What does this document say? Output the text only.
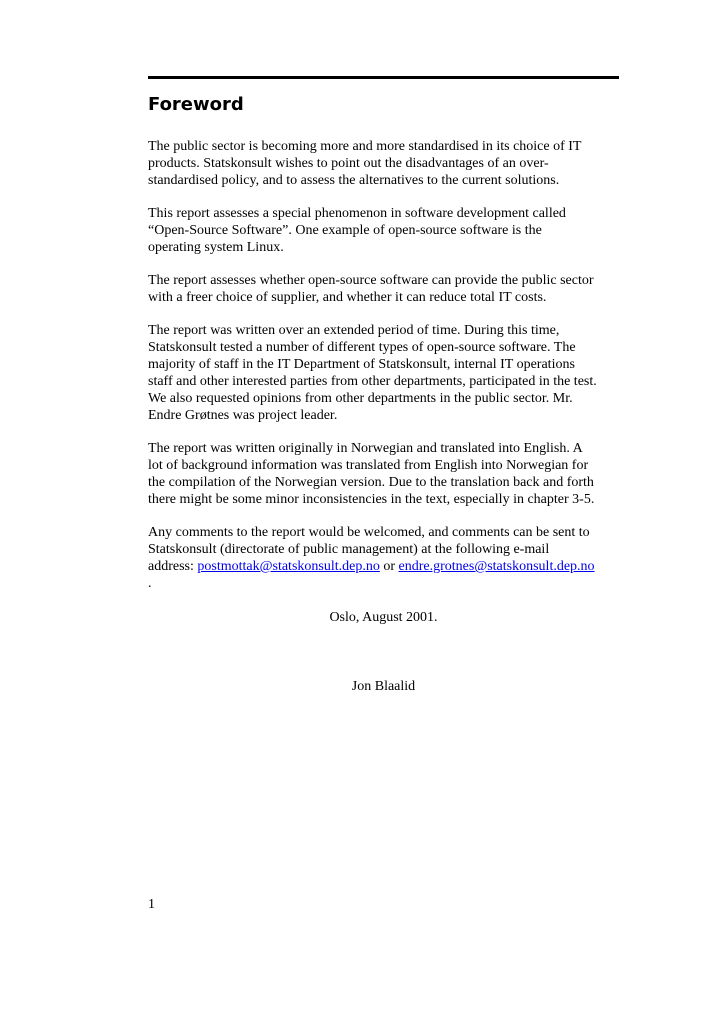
Foreword

The public sector is becoming more and more standardised in its choice of IT
products. Statskonsult wishes to point out the disadvantages of an over-
standardised policy, and to assess the alternatives to the current solutions.

This report assesses a special phenomenon in software development called
“Open-Source Software”. One example of open-source software is the
operating system Linux.

The report assesses whether open-source software can provide the public sector
with a freer choice of supplier, and whether it can reduce total IT costs.

The report was written over an extended period of time. During this time,
Statskonsult tested a number of different types of open-source software. The
majority of staff in the IT Department of Statskonsult, internal IT operations
staff and other interested parties from other departments, participated in the test.
We also requested opinions from other departments in the public sector. Mr.
Endre Grøtnes was project leader.

The report was written originally in Norwegian and translated into English. A
lot of background information was translated from English into Norwegian for
the compilation of the Norwegian version. Due to the translation back and forth
there might be some minor inconsistencies in the text, especially in chapter 3-5.

Any comments to the report would be welcomed, and comments can be sent to
Statskonsult (directorate of public management) at the following e-mail
address: postmottak@statskonsult.dep.no or endre.grotnes@statskonsult.dep.no
.

Oslo, August 2001.
Jon Blaalid
1
